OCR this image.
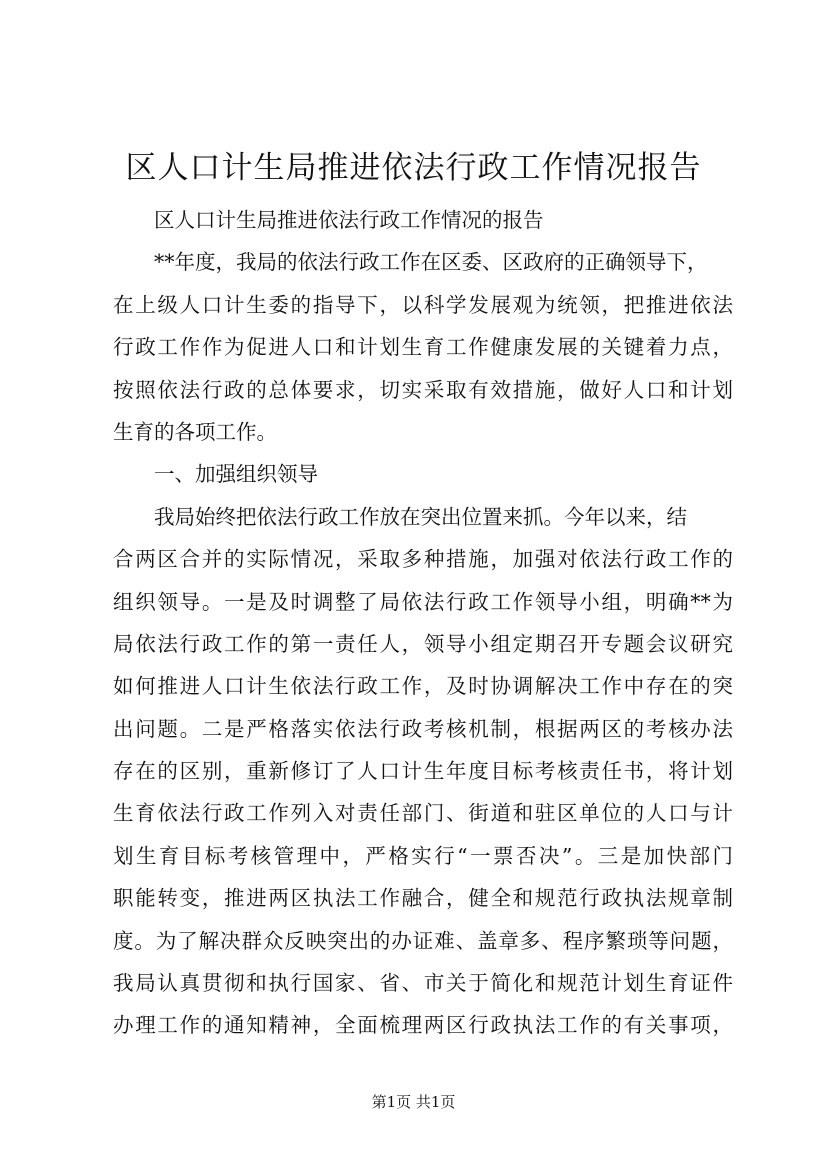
区人口计生局推进依法行政工作情况报告
区人口计生局推进依法行政工作情况的报告
**年度，我局的依法行政工作在区委、区政府的正确领导下，
在上级人口计生委的指导下，以科学发展观为统领，把推进依法
行政工作作为促进人口和计划生育工作健康发展的关键着力点，
按照依法行政的总体要求，切实采取有效措施，做好人口和计划
生育的各项工作。
一、加强组织领导
我局始终把依法行政工作放在突出位置来抓。今年以来，结
合两区合并的实际情况，采取多种措施，加强对依法行政工作的
组织领导。一是及时调整了局依法行政工作领导小组，明确**为
局依法行政工作的第一责任人，领导小组定期召开专题会议研究
如何推进人口计生依法行政工作，及时协调解决工作中存在的突
出问题。二是严格落实依法行政考核机制，根据两区的考核办法
存在的区别，重新修订了人口计生年度目标考核责任书，将计划
生育依法行政工作列入对责任部门、街道和驻区单位的人口与计
划生育目标考核管理中，严格实行“一票否决”。三是加快部门
职能转变，推进两区执法工作融合，健全和规范行政执法规章制
度。为了解决群众反映突出的办证难、盖章多、程序繁琐等问题，
我局认真贯彻和执行国家、省、市关于简化和规范计划生育证件
办理工作的通知精神，全面梳理两区行政执法工作的有关事项，
第1页 共1页
